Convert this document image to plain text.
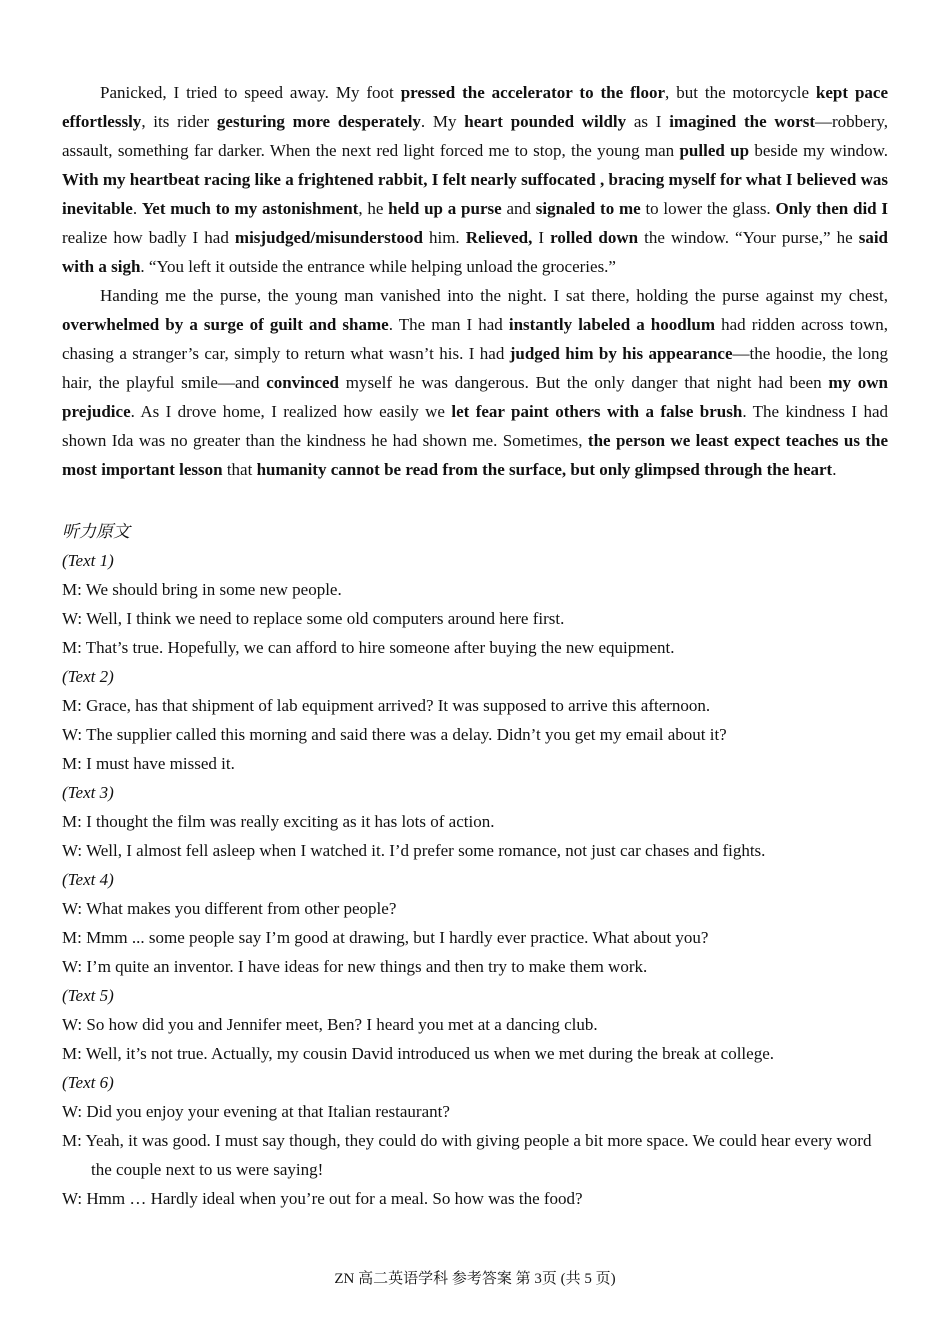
Panicked, I tried to speed away. My foot pressed the accelerator to the floor, but the motorcycle kept pace effortlessly, its rider gesturing more desperately. My heart pounded wildly as I imagined the worst—robbery, assault, something far darker. When the next red light forced me to stop, the young man pulled up beside my window. With my heartbeat racing like a frightened rabbit, I felt nearly suffocated , bracing myself for what I believed was inevitable. Yet much to my astonishment, he held up a purse and signaled to me to lower the glass. Only then did I realize how badly I had misjudged/misunderstood him. Relieved, I rolled down the window. “Your purse,” he said with a sigh. “You left it outside the entrance while helping unload the groceries.”

Handing me the purse, the young man vanished into the night. I sat there, holding the purse against my chest, overwhelmed by a surge of guilt and shame. The man I had instantly labeled a hoodlum had ridden across town, chasing a stranger’s car, simply to return what wasn’t his. I had judged him by his appearance—the hoodie, the long hair, the playful smile—and convinced myself he was dangerous. But the only danger that night had been my own prejudice. As I drove home, I realized how easily we let fear paint others with a false brush. The kindness I had shown Ida was no greater than the kindness he had shown me. Sometimes, the person we least expect teaches us the most important lesson that humanity cannot be read from the surface, but only glimpsed through the heart.

听力原文

(Text 1)

M: We should bring in some new people.

W: Well, I think we need to replace some old computers around here first.

M: That’s true. Hopefully, we can afford to hire someone after buying the new equipment.

(Text 2)

M: Grace, has that shipment of lab equipment arrived? It was supposed to arrive this afternoon.

W: The supplier called this morning and said there was a delay. Didn’t you get my email about it?

M: I must have missed it.

(Text 3)

M: I thought the film was really exciting as it has lots of action.

W: Well, I almost fell asleep when I watched it. I’d prefer some romance, not just car chases and fights.

(Text 4)

W: What makes you different from other people?

M: Mmm ... some people say I’m good at drawing, but I hardly ever practice. What about you?

W: I’m quite an inventor. I have ideas for new things and then try to make them work.

(Text 5)

W: So how did you and Jennifer meet, Ben? I heard you met at a dancing club.

M: Well, it’s not true. Actually, my cousin David introduced us when we met during the break at college.

(Text 6)

W: Did you enjoy your evening at that Italian restaurant?

M: Yeah, it was good. I must say though, they could do with giving people a bit more space. We could hear every word the couple next to us were saying!

W: Hmm … Hardly ideal when you’re out for a meal. So how was the food?

ZN 高二英语学科 参考答案 第 3页 (共 5 页)
